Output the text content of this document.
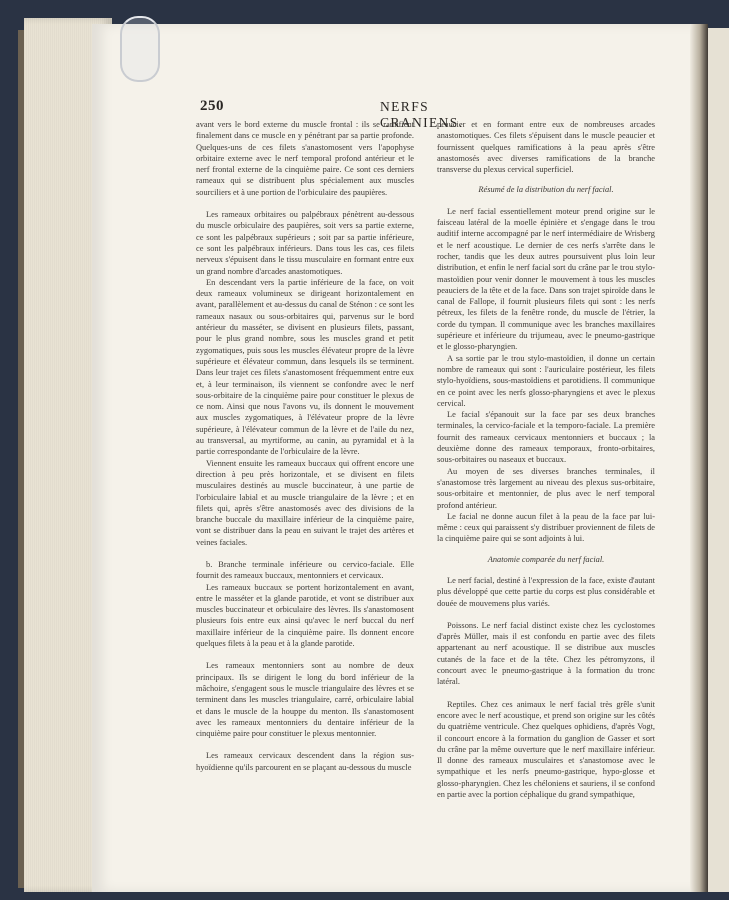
250	NERFS CRANIENS.

avant vers le bord externe du muscle frontal : ils se ramifient finalement dans ce muscle en y pénétrant par sa partie profonde. Quelques-uns de ces filets s'anastomosent vers l'apophyse orbitaire externe avec le nerf temporal profond antérieur et le nerf frontal externe de la cinquième paire. Ce sont ces derniers rameaux qui se distribuent plus spécialement aux muscles sourciliers et à une portion de l'orbiculaire des paupières.

Les rameaux orbitaires ou palpébraux pénètrent au-dessous du muscle orbiculaire des paupières, soit vers sa partie externe, ce sont les palpébraux supérieurs ; soit par sa partie inférieure, ce sont les palpébraux inférieurs. Dans tous les cas, ces filets nerveux s'épuisent dans le tissu musculaire en formant entre eux un grand nombre d'arcades anastomotiques.

En descendant vers la partie inférieure de la face, on voit deux rameaux volumineux se dirigeant horizontalement en avant, parallèlement et au-dessus du canal de Sténon : ce sont les rameaux nasaux ou sous-orbitaires qui, parvenus sur le bord antérieur du masséter, se divisent en plusieurs filets, passant, pour le plus grand nombre, sous les muscles grand et petit zygomatiques, puis sous les muscles élévateur propre de la lèvre supérieure et élévateur commun, dans lesquels ils se terminent. Dans leur trajet ces filets s'anastomosent fréquemment entre eux et, à leur terminaison, ils viennent se confondre avec le nerf sous-orbitaire de la cinquième paire pour constituer le plexus de ce nom. Ainsi que nous l'avons vu, ils donnent le mouvement aux muscles zygomatiques, à l'élévateur propre de la lèvre supérieure, à l'élévateur commun de la lèvre et de l'aile du nez, au transversal, au myrtiforme, au canin, au pyramidal et à la partie correspondante de l'orbiculaire de la lèvre.

Viennent ensuite les rameaux buccaux qui offrent encore une direction à peu près horizontale, et se divisent en filets musculaires destinés au muscle buccinateur, à une partie de l'orbiculaire labial et au muscle triangulaire de la lèvre ; et en filets qui, après s'être anastomosés avec des divisions de la branche buccale du maxillaire inférieur de la cinquième paire, vont se distribuer dans la peau en suivant le trajet des artères et veines faciales.

b. Branche terminale inférieure ou cervico-faciale. Elle fournit des rameaux buccaux, mentonniers et cervicaux.

Les rameaux buccaux se portent horizontalement en avant, entre le masséter et la glande parotide, et vont se distribuer aux muscles buccinateur et orbiculaire des lèvres. Ils s'anastomosent plusieurs fois entre eux ainsi qu'avec le nerf buccal du nerf maxillaire inférieur de la cinquième paire. Ils donnent encore quelques filets à la peau et à la glande parotide.

Les rameaux mentonniers sont au nombre de deux principaux. Ils se dirigent le long du bord inférieur de la mâchoire, s'engagent sous le muscle triangulaire des lèvres et se terminent dans les muscles triangulaire, carré, orbiculaire labial et dans le muscle de la houppe du menton. Ils s'anastomosent avec les rameaux mentonniers du dentaire inférieur de la cinquième paire pour constituer le plexus mentonnier.

Les rameaux cervicaux descendent dans la région sus-hyoïdienne qu'ils parcourent en se plaçant au-dessous du muscle

peaucier et en formant entre eux de nombreuses arcades anastomotiques. Ces filets s'épuisent dans le muscle peaucier et fournissent quelques ramifications à la peau après s'être anastomosés avec diverses ramifications de la branche transverse du plexus cervical superficiel.

Résumé de la distribution du nerf facial.

Le nerf facial essentiellement moteur prend origine sur le faisceau latéral de la moelle épinière et s'engage dans le trou auditif interne accompagné par le nerf intermédiaire de Wrisberg et le nerf acoustique. Le dernier de ces nerfs s'arrête dans le rocher, tandis que les deux autres poursuivent plus loin leur distribution, et enfin le nerf facial sort du crâne par le trou stylo-mastoïdien pour venir donner le mouvement à tous les muscles peauciers de la tête et de la face. Dans son trajet spiroïde dans le canal de Fallope, il fournit plusieurs filets qui sont : les nerfs pétreux, les filets de la fenêtre ronde, du muscle de l'étrier, la corde du tympan. Il communique avec les branches maxillaires supérieure et inférieure du trijumeau, avec le pneumo-gastrique et le glosso-pharyngien.

A sa sortie par le trou stylo-mastoïdien, il donne un certain nombre de rameaux qui sont : l'auriculaire postérieur, les filets stylo-hyoïdiens, sous-mastoïdiens et parotidiens. Il communique en ce point avec les nerfs glosso-pharyngiens et avec le plexus cervical.

Le facial s'épanouit sur la face par ses deux branches terminales, la cervico-faciale et la temporo-faciale. La première fournit des rameaux cervicaux mentonniers et buccaux ; la deuxième donne des rameaux temporaux, fronto-orbitaires, sous-orbitaires ou naseaux et buccaux.

Au moyen de ses diverses branches terminales, il s'anastomose très largement au niveau des plexus sus-orbitaire, sous-orbitaire et mentonnier, de plus avec le nerf temporal profond antérieur.

Le facial ne donne aucun filet à la peau de la face par lui-même : ceux qui paraissent s'y distribuer proviennent de filets de la cinquième paire qui se sont adjoints à lui.

Anatomie comparée du nerf facial.

Le nerf facial, destiné à l'expression de la face, existe d'autant plus développé que cette partie du corps est plus considérable et douée de mouvemens plus variés.

Poissons. Le nerf facial distinct existe chez les cyclostomes d'après Müller, mais il est confondu en partie avec des filets appartenant au nerf acoustique. Il se distribue aux muscles cutanés de la face et de la tête. Chez les pétromyzons, il concourt avec le pneumo-gastrique à la formation du tronc latéral.

Reptiles. Chez ces animaux le nerf facial très grêle s'unit encore avec le nerf acoustique, et prend son origine sur les côtés du quatrième ventricule. Chez quelques ophidiens, d'après Vogt, il concourt encore à la formation du ganglion de Gasser et sort du crâne par la même ouverture que le nerf maxillaire inférieur. Il donne des rameaux musculaires et s'anastomose avec le sympathique et les nerfs pneumo-gastrique, hypo-glosse et glosso-pharyngien. Chez les chéloniens et sauriens, il se confond en partie avec la portion céphalique du grand sympathique,
